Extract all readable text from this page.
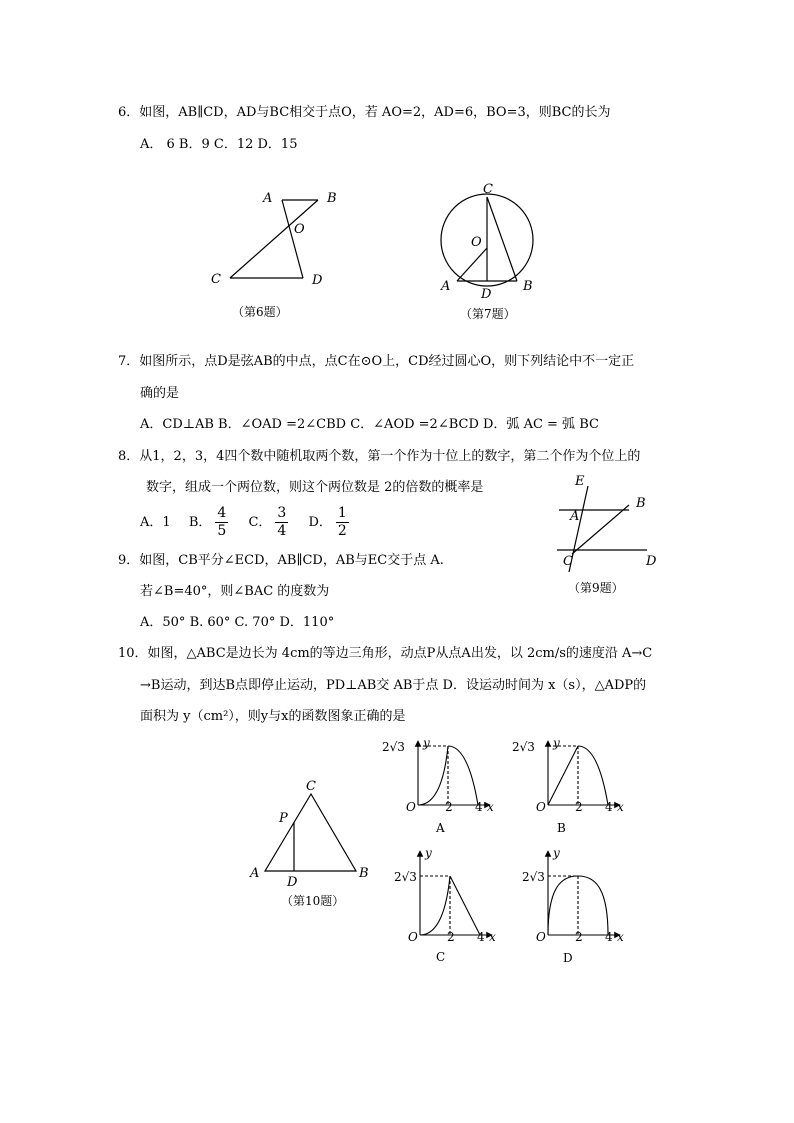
6．如图，AB∥CD，AD与BC相交于点O，若 AO=2，AD=6，BO=3，则BC的长为
A． 6 B．9 C．12 D．15
A	B
O
C	D
（第6题）
C
O
A
D
B
（第7题）
7．如图所示，点D是弦AB的中点，点C在⊙O上，CD经过圆心O，则下列结论中不一定正
确的是
A．CD⊥AB B．∠OAD =2∠CBD C．∠AOD =2∠BCD D．弧 AC = 弧 BC
8．从1，2，3，4四个数中随机取两个数，第一个作为十位上的数字，第二个作为个位上的
数字，组成一个两位数，则这个两位数是 2的倍数的概率是
A．1 B． $\frac{4}{5}$ C． $\frac{3}{4}$ D． $\frac{1}{2}$
E
B
A
C	D
（第9题）
9．如图，CB平分∠ECD，AB∥CD，AB与EC交于点 A.
若∠B=40°，则∠BAC 的度数为
A．50° B. 60° C. 70° D．110°
10．如图，△ABC是边长为 4cm的等边三角形，动点P从点A出发，以 2cm/s的速度沿 A→C
→B运动，到达B点即停止运动，PD⊥AB交 AB于点 D．设运动时间为 x（s），△ADP的
面积为 y（cm²），则y与x的函数图象正确的是
C
P
A
D
B
（第10题）
2√3 y
O 2 4 x
A
2√3 y
O 2 4 x
B
2√3
y
O 2 4 x
C
2√3
y
O 2 4 x
D
